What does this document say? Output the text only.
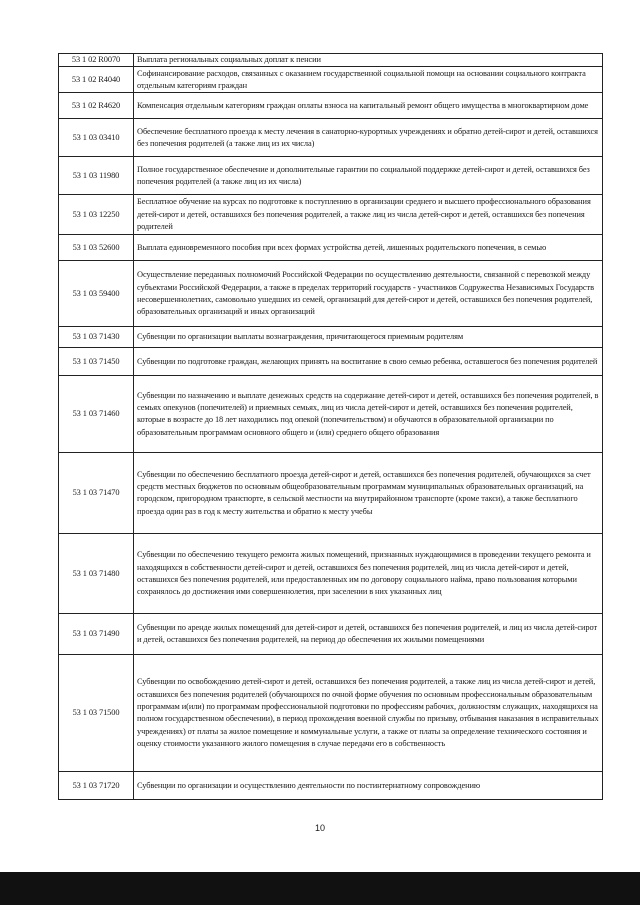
53 1 02 R0070	Выплата региональных социальных доплат к пенсии
53 1 02 R4040	Софинансирование расходов, связанных с оказанием государственной социальной помощи на основании социального контракта отдельным категориям граждан
53 1 02 R4620	Компенсация отдельным категориям граждан оплаты взноса на капитальный ремонт общего имущества в многоквартирном доме
53 1 03 03410	Обеспечение бесплатного проезда к месту лечения в санаторно-курортных учреждениях и обратно детей-сирот и детей, оставшихся без попечения родителей (а также лиц из их числа)
53 1 03 11980	Полное государственное обеспечение и дополнительные гарантии по социальной поддержке детей-сирот и детей, оставшихся без попечения родителей (а также лиц из их числа)
53 1 03 12250	Бесплатное обучение на курсах по подготовке к поступлению в организации среднего и высшего профессионального образования детей-сирот и детей, оставшихся без попечения родителей, а также лиц из числа детей-сирот и детей, оставшихся без попечения родителей
53 1 03 52600	Выплата единовременного пособия при всех формах устройства детей, лишенных родительского попечения, в семью
53 1 03 59400	Осуществление переданных полномочий Российской Федерации по осуществлению деятельности, связанной с перевозкой между субъектами Российской Федерации, а также в пределах территорий государств - участников Содружества Независимых Государств несовершеннолетних, самовольно ушедших из семей, организаций для детей-сирот и детей, оставшихся без попечения родителей, образовательных организаций и иных организаций
53 1 03 71430	Субвенции по организации выплаты вознаграждения, причитающегося приемным родителям
53 1 03 71450	Субвенции по подготовке граждан, желающих принять на воспитание в свою семью ребенка, оставшегося без попечения родителей
53 1 03 71460	Субвенции по назначению и выплате денежных средств на содержание детей-сирот и детей, оставшихся без попечения родителей, в семьях опекунов (попечителей) и приемных семьях, лиц из числа детей-сирот и детей, оставшихся без попечения родителей, которые в возрасте до 18 лет находились под опекой (попечительством) и обучаются в образовательной организации по образовательным программам основного общего и (или) среднего общего образования
53 1 03 71470	Субвенции по обеспечению бесплатного проезда детей-сирот и детей, оставшихся без попечения родителей, обучающихся за счет средств местных бюджетов по основным общеобразовательным программам муниципальных образовательных организаций, на городском, пригородном транспорте, в сельской местности на внутрирайонном транспорте (кроме такси), а также бесплатного проезда один раз в год к месту жительства и обратно к месту учебы
53 1 03 71480	Субвенции по обеспечению текущего ремонта жилых помещений, признанных нуждающимися в проведении текущего ремонта и находящихся в собственности детей-сирот и детей, оставшихся без попечения родителей, лиц из числа детей-сирот и детей, оставшихся без попечения родителей, или предоставленных им по договору социального найма, право пользования которыми сохранялось до достижения ими совершеннолетия, при заселении в них указанных лиц
53 1 03 71490	Субвенции по аренде жилых помещений для детей-сирот и детей, оставшихся без попечения родителей, и лиц из числа детей-сирот и детей, оставшихся без попечения родителей, на период до обеспечения их жилыми помещениями
53 1 03 71500	Субвенции по освобождению детей-сирот и детей, оставшихся без попечения родителей, а также лиц из числа детей-сирот и детей, оставшихся без попечения родителей (обучающихся по очной форме обучения по основным профессиональным образовательным программам и(или) по программам профессиональной подготовки по профессиям рабочих, должностям служащих, находящихся на полном государственном обеспечении), в период прохождения военной службы по призыву, отбывания наказания в исправительных учреждениях) от платы за жилое помещение и коммунальные услуги, а также от платы за определение технического состояния и оценку стоимости указанного жилого помещения в случае передачи его в собственность
53 1 03 71720	Субвенции по организации и осуществлению деятельности по постинтернатному сопровождению
10
